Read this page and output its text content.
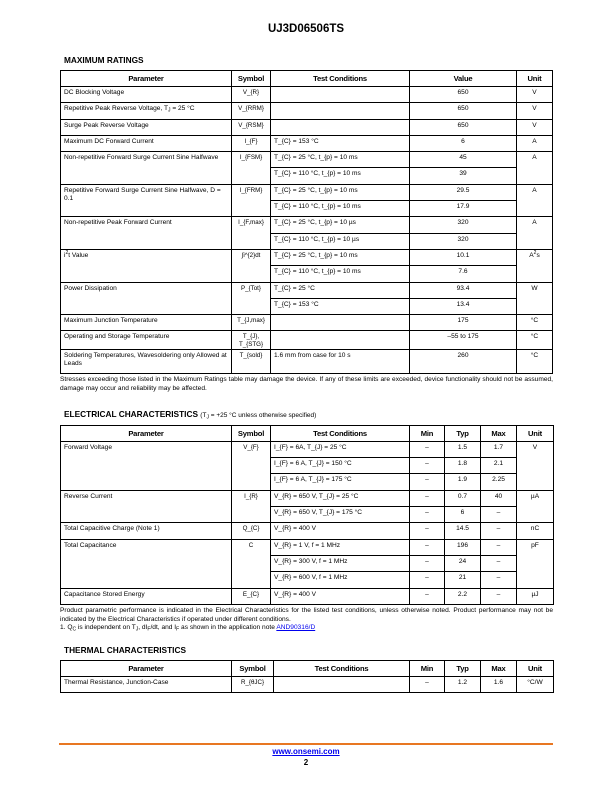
UJ3D06506TS
MAXIMUM RATINGS
Parameter	Symbol	Test Conditions	Value	Unit
DC Blocking Voltage	V_{R}		650	V
Repetitive Peak Reverse Voltage, $T_J = 25$ °C	V_{RRM}		650	V
Surge Peak Reverse Voltage	V_{RSM}		650	V
Maximum DC Forward Current	I_{F}	T_{C} = 153 °C	6	A
Non-repetitive Forward Surge Current Sine Halfwave	I_{FSM}	T_{C} = 25 °C, t_{p} = 10 ms	45	A
		T_{C} = 110 °C, t_{p} = 10 ms	39	
Repetitive Forward Surge Current Sine Halfwave, D = 0.1	I_{FRM}	T_{C} = 25 °C, t_{p} = 10 ms	29.5	A
		T_{C} = 110 °C, t_{p} = 10 ms	17.9	
Non-repetitive Peak Forward Current	I_{F,max}	T_{C} = 25 °C, t_{p} = 10 µs	320	A
		T_{C} = 110 °C, t_{p} = 10 µs	320	
$i^2t$ Value	∫i^{2}dt	T_{C} = 25 °C, t_{p} = 10 ms	10.1	$A^2s$
		T_{C} = 110 °C, t_{p} = 10 ms	7.6	
Power Dissipation	P_{Tot}	T_{C} = 25 °C	93.4	W
		T_{C} = 153 °C	13.4	
Maximum Junction Temperature	T_{J,max}		175	°C
Operating and Storage Temperature	T_{J}, T_{STG}		–55 to 175	°C
Soldering Temperatures, Wavesoldering only Allowed at Leads	T_{sold}	1.6 mm from case for 10 s	260	°C
Stresses exceeding those listed in the Maximum Ratings table may damage the device. If any of these limits are exceeded, device functionality should not be assumed, damage may occur and reliability may be affected.
ELECTRICAL CHARACTERISTICS ($T_J = +25$ °C unless otherwise specified)
Parameter	Symbol	Test Conditions	Min	Typ	Max	Unit
Forward Voltage	V_{F}	I_{F} = 6A, T_{J} = 25 °C	–	1.5	1.7	V
		I_{F} = 6 A, T_{J} = 150 °C	–	1.8	2.1	
		I_{F} = 6 A, T_{J} = 175 °C	–	1.9	2.25	
Reverse Current	I_{R}	V_{R} = 650 V, T_{J} = 25 °C	–	0.7	40	µA
		V_{R} = 650 V, T_{J} = 175 °C	–	6	–	
Total Capacitive Charge (Note 1)	Q_{C}	V_{R} = 400 V	–	14.5	–	nC
Total Capacitance	C	V_{R} = 1 V, f = 1 MHz	–	196	–	pF
		V_{R} = 300 V, f = 1 MHz	–	24	–	
		V_{R} = 600 V, f = 1 MHz	–	21	–	
Capacitance Stored Energy	E_{C}	V_{R} = 400 V	–	2.2	–	µJ
Product parametric performance is indicated in the Electrical Characteristics for the listed test conditions, unless otherwise noted. Product performance may not be indicated by the Electrical Characteristics if operated under different conditions.
1. $Q_C$ is independent on $T_J$, $dI_F/dt$, and $I_F$ as shown in the application note AND90316/D
THERMAL CHARACTERISTICS
Parameter	Symbol	Test Conditions	Min	Typ	Max	Unit
Thermal Resistance, Junction-Case	R_{θJC}		–	1.2	1.6	°C/W
www.onsemi.com
2
